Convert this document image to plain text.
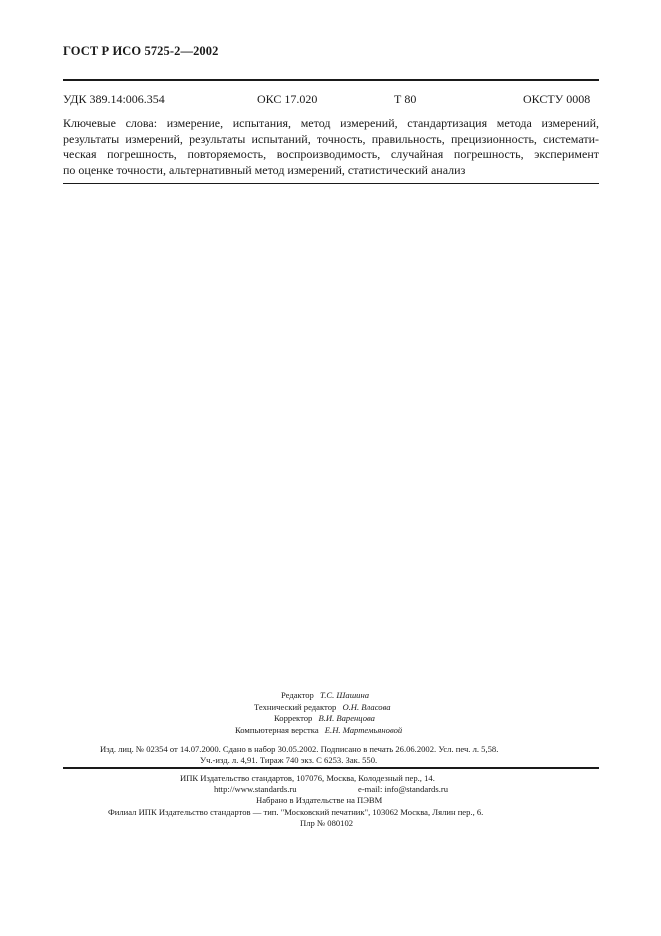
ГОСТ Р ИСО 5725-2—2002
УДК 389.14:006.354	ОКС 17.020	Т 80	ОКСТУ 0008
Ключевые слова: измерение, испытания, метод измерений, стандартизация метода измерений,
результаты измерений, результаты испытаний, точность, правильность, прецизионность, системати-
ческая погрешность, повторяемость, воспроизводимость, случайная погрешность, эксперимент
по оценке точности, альтернативный метод измерений, статистический анализ
Редактор Т.С. Шашина
Технический редактор О.Н. Власова
Корректор В.И. Варенцова
Компьютерная верстка Е.Н. Мартемьяновой
Изд. лиц. № 02354 от 14.07.2000. Сдано в набор 30.05.2002. Подписано в печать 26.06.2002. Усл. печ. л. 5,58.
Уч.-изд. л. 4,91. Тираж 740 экз. С 6253. Зак. 550.
ИПК Издательство стандартов, 107076, Москва, Колодезный пер., 14.
http://www.standards.ru	e-mail: info@standards.ru
Набрано в Издательстве на ПЭВМ
Филиал ИПК Издательство стандартов — тип. "Московский печатник", 103062 Москва, Лялин пер., 6.
Плр № 080102
